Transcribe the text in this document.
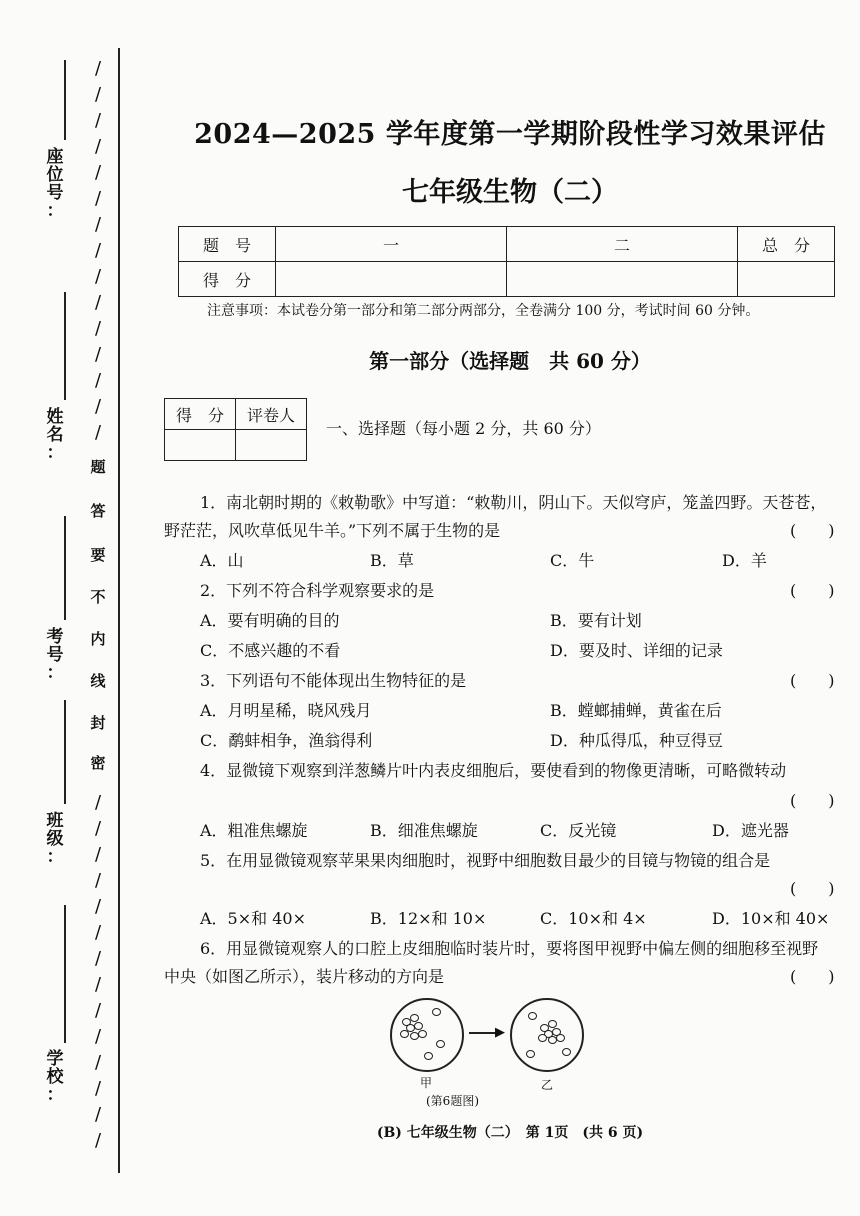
座
位
号
：
姓
名
：
考
号
：
班
级
：
学
校
：
/
/
/
/
/
/
/
/
/
/
/
/
/
/
/
题
答
要
不
内
线
封
密
/
/
/
/
/
/
/
/
/
/
/
/
/
/
2024—2025 学年度第一学期阶段性学习效果评估
七年级生物（二）
题　号	一	二	总　分
得　分			
注意事项：本试卷分第一部分和第二部分两部分，全卷满分 100 分，考试时间 60 分钟。
第一部分（选择题　共 60 分）
得　分	评卷人

一、选择题（每小题 2 分，共 60 分）
1．南北朝时期的《敕勒歌》中写道：“敕勒川，阴山下。天似穹庐，笼盖四野。天苍苍，
野茫茫，风吹草低见牛羊。”下列不属于生物的是	(　　)
A．山	B．草	C．牛	D．羊
2．下列不符合科学观察要求的是	(　　)
A．要有明确的目的	B．要有计划
C．不感兴趣的不看	D．要及时、详细的记录
3．下列语句不能体现出生物特征的是	(　　)
A．月明星稀，晓风残月	B．螳螂捕蝉，黄雀在后
C．鹬蚌相争，渔翁得利	D．种瓜得瓜，种豆得豆
4．显微镜下观察到洋葱鳞片叶内表皮细胞后，要使看到的物像更清晰，可略微转动
(　　)
A．粗准焦螺旋	B．细准焦螺旋	C．反光镜	D．遮光器
5．在用显微镜观察苹果果肉细胞时，视野中细胞数目最少的目镜与物镜的组合是
(　　)
A．5×和 40×	B．12×和 10×	C．10×和 4×	D．10×和 40×
6．用显微镜观察人的口腔上皮细胞临时装片时，要将图甲视野中偏左侧的细胞移至视野
中央（如图乙所示），装片移动的方向是	(　　)
▶
甲	乙
(第6题图)
(B) 七年级生物（二）　第 1页　(共 6 页)
